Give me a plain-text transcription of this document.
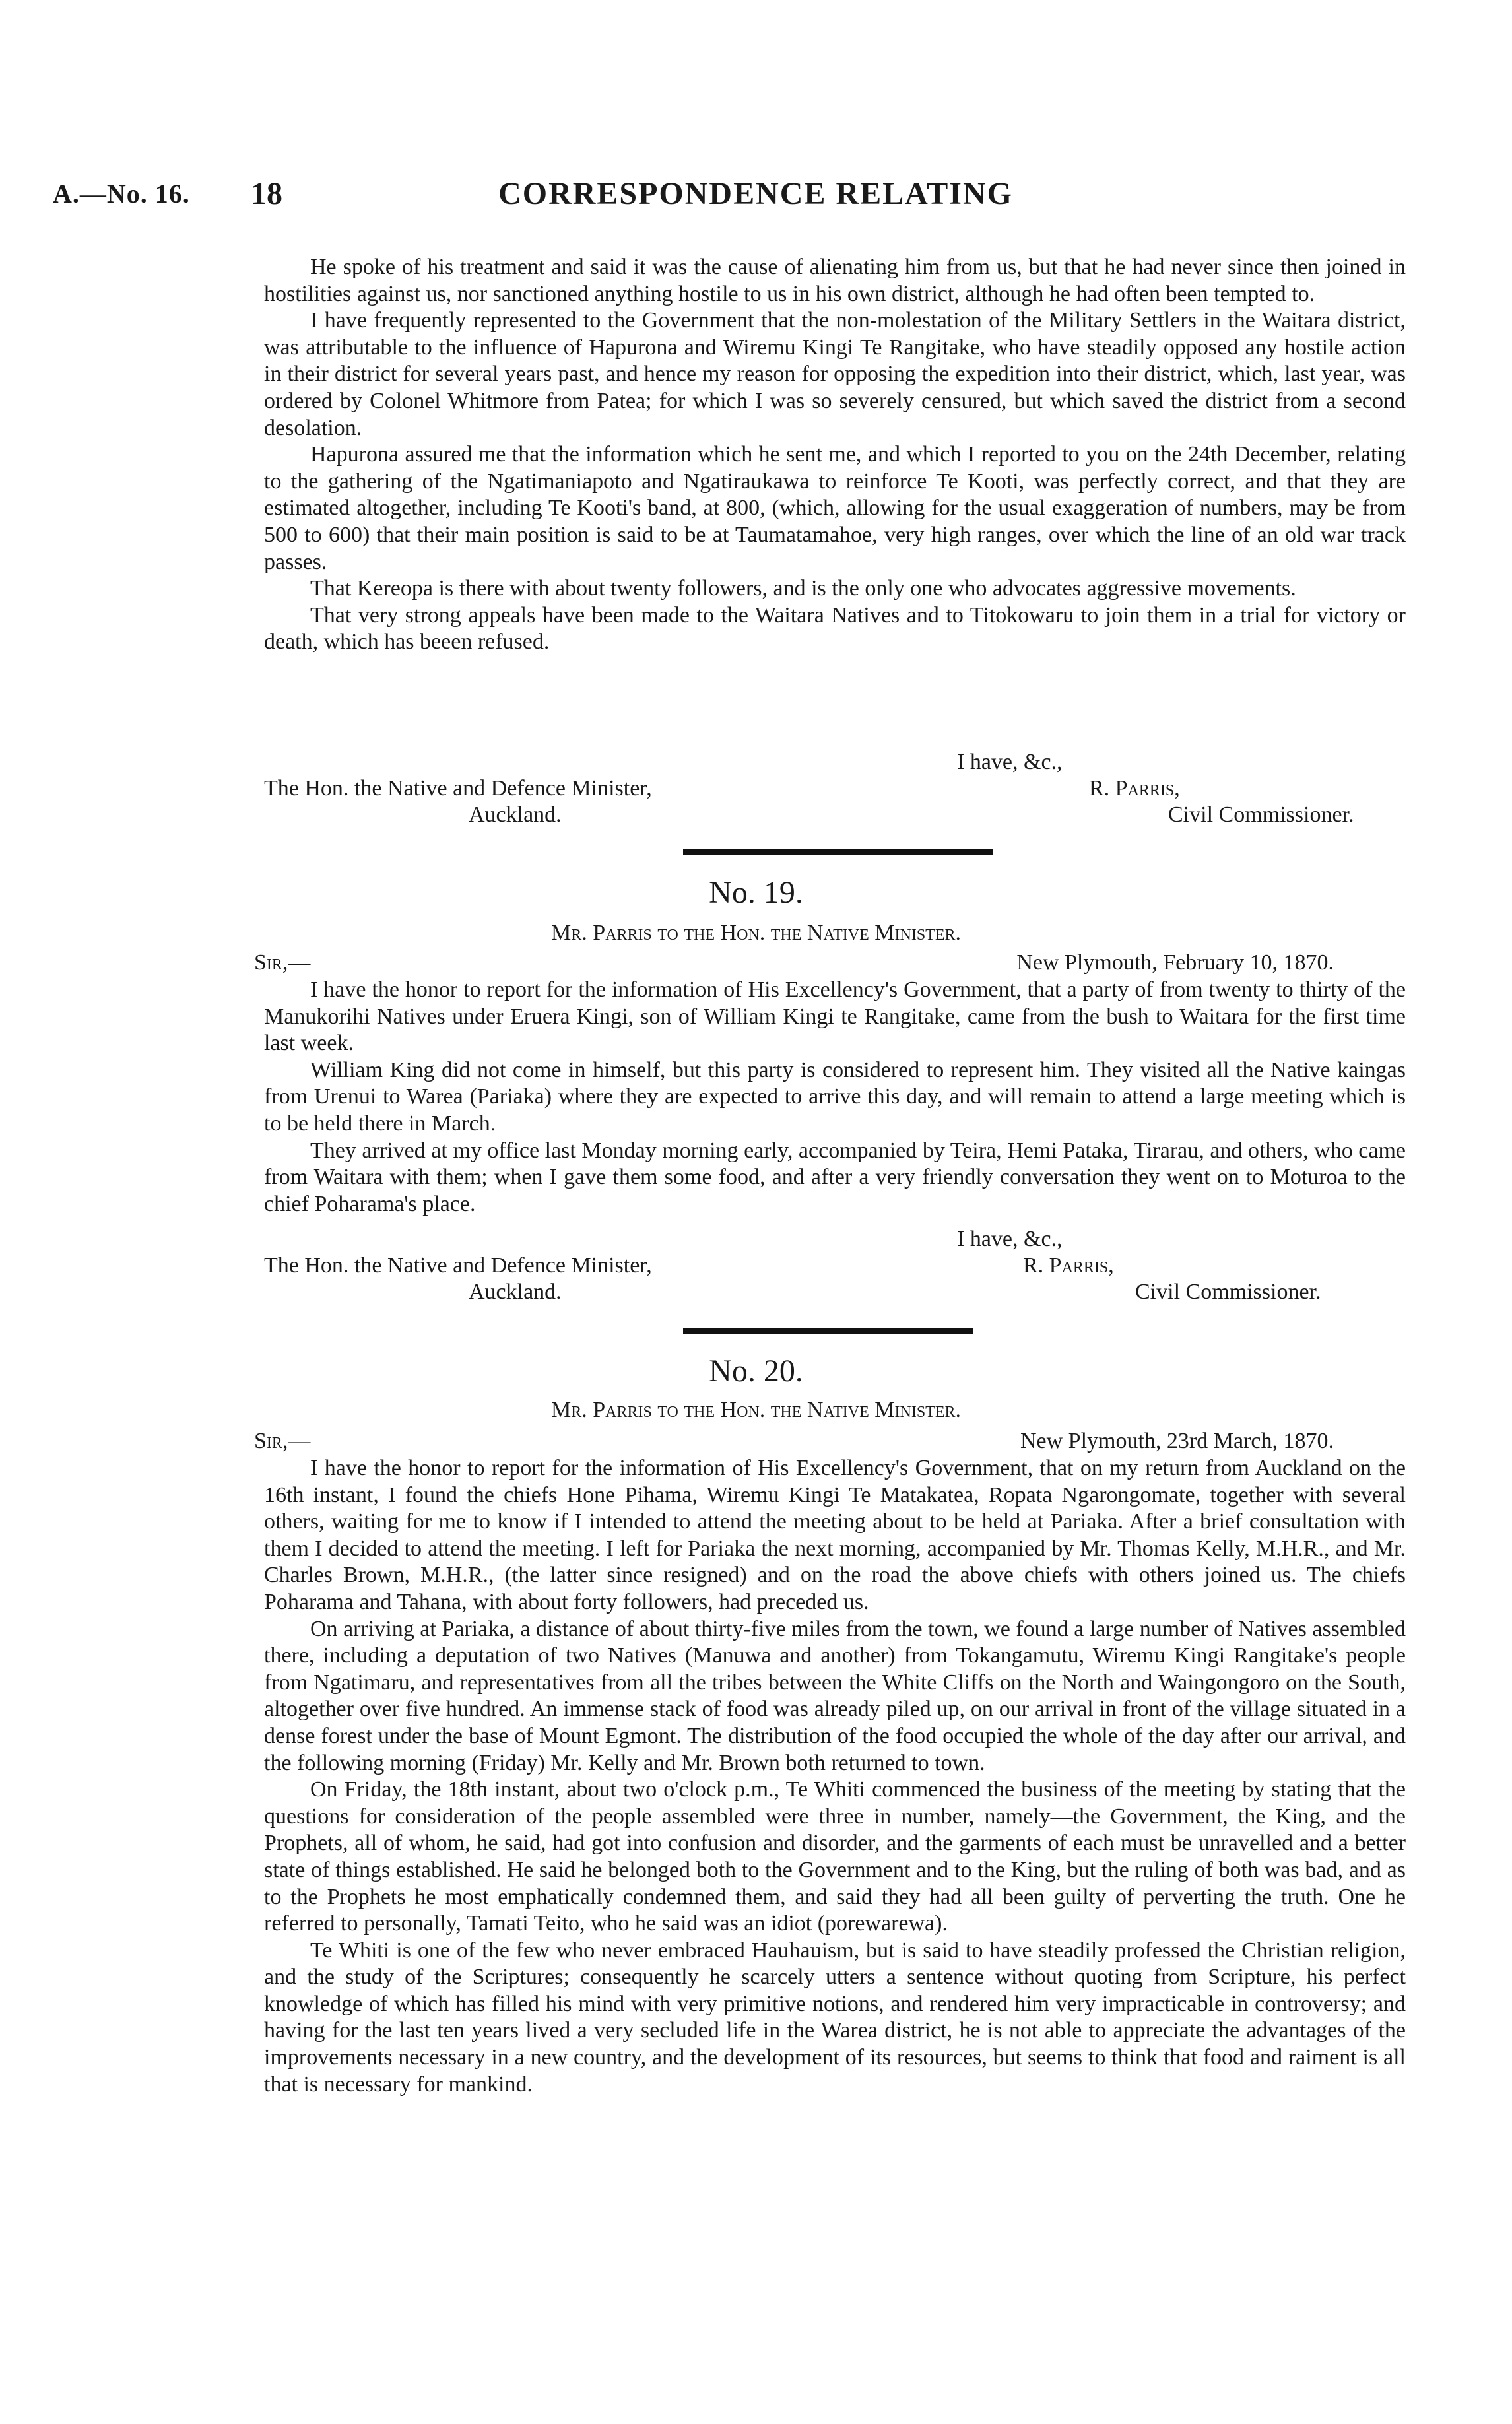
A.—No. 16. 18	CORRESPONDENCE RELATING

He spoke of his treatment and said it was the cause of alienating him from us, but that he had never since then joined in hostilities against us, nor sanctioned anything hostile to us in his own district, although he had often been tempted to.

I have frequently represented to the Government that the non-molestation of the Military Settlers in the Waitara district, was attributable to the influence of Hapurona and Wiremu Kingi Te Rangitake, who have steadily opposed any hostile action in their district for several years past, and hence my reason for opposing the expedition into their district, which, last year, was ordered by Colonel Whitmore from Patea; for which I was so severely censured, but which saved the district from a second desolation.

Hapurona assured me that the information which he sent me, and which I reported to you on the 24th December, relating to the gathering of the Ngatimaniapoto and Ngatiraukawa to reinforce Te Kooti, was perfectly correct, and that they are estimated altogether, including Te Kooti's band, at 800, (which, allowing for the usual exaggeration of numbers, may be from 500 to 600) that their main position is said to be at Taumatamahoe, very high ranges, over which the line of an old war track passes.

That Kereopa is there with about twenty followers, and is the only one who advocates aggressive movements.

That very strong appeals have been made to the Waitara Natives and to Titokowaru to join them in a trial for victory or death, which has beeen refused.

I have, &c.,
The Hon. the Native and Defence Minister,	R. Parris,
Auckland.	Civil Commissioner.
No. 19.
Mr. Parris to the Hon. the Native Minister.
Sir,—	New Plymouth, February 10, 1870.

I have the honor to report for the information of His Excellency's Government, that a party of from twenty to thirty of the Manukorihi Natives under Eruera Kingi, son of William Kingi te Rangitake, came from the bush to Waitara for the first time last week.

William King did not come in himself, but this party is considered to represent him. They visited all the Native kaingas from Urenui to Warea (Pariaka) where they are expected to arrive this day, and will remain to attend a large meeting which is to be held there in March.

They arrived at my office last Monday morning early, accompanied by Teira, Hemi Pataka, Tirarau, and others, who came from Waitara with them; when I gave them some food, and after a very friendly conversation they went on to Moturoa to the chief Poharama's place.

I have, &c.,
The Hon. the Native and Defence Minister,	R. Parris,
Auckland.	Civil Commissioner.
No. 20.
Mr. Parris to the Hon. the Native Minister.
Sir,—	New Plymouth, 23rd March, 1870.

I have the honor to report for the information of His Excellency's Government, that on my return from Auckland on the 16th instant, I found the chiefs Hone Pihama, Wiremu Kingi Te Matakatea, Ropata Ngarongomate, together with several others, waiting for me to know if I intended to attend the meeting about to be held at Pariaka. After a brief consultation with them I decided to attend the meeting. I left for Pariaka the next morning, accompanied by Mr. Thomas Kelly, M.H.R., and Mr. Charles Brown, M.H.R., (the latter since resigned) and on the road the above chiefs with others joined us. The chiefs Poharama and Tahana, with about forty followers, had preceded us.

On arriving at Pariaka, a distance of about thirty-five miles from the town, we found a large number of Natives assembled there, including a deputation of two Natives (Manuwa and another) from Tokangamutu, Wiremu Kingi Rangitake's people from Ngatimaru, and representatives from all the tribes between the White Cliffs on the North and Waingongoro on the South, altogether over five hundred. An immense stack of food was already piled up, on our arrival in front of the village situated in a dense forest under the base of Mount Egmont. The distribution of the food occupied the whole of the day after our arrival, and the following morning (Friday) Mr. Kelly and Mr. Brown both returned to town.

On Friday, the 18th instant, about two o'clock p.m., Te Whiti commenced the business of the meeting by stating that the questions for consideration of the people assembled were three in number, namely—the Government, the King, and the Prophets, all of whom, he said, had got into confusion and disorder, and the garments of each must be unravelled and a better state of things established. He said he belonged both to the Government and to the King, but the ruling of both was bad, and as to the Prophets he most emphatically condemned them, and said they had all been guilty of perverting the truth. One he referred to personally, Tamati Teito, who he said was an idiot (porewarewa).

Te Whiti is one of the few who never embraced Hauhauism, but is said to have steadily professed the Christian religion, and the study of the Scriptures; consequently he scarcely utters a sentence without quoting from Scripture, his perfect knowledge of which has filled his mind with very primitive notions, and rendered him very impracticable in controversy; and having for the last ten years lived a very secluded life in the Warea district, he is not able to appreciate the advantages of the improvements necessary in a new country, and the development of its resources, but seems to think that food and raiment is all that is necessary for mankind.
